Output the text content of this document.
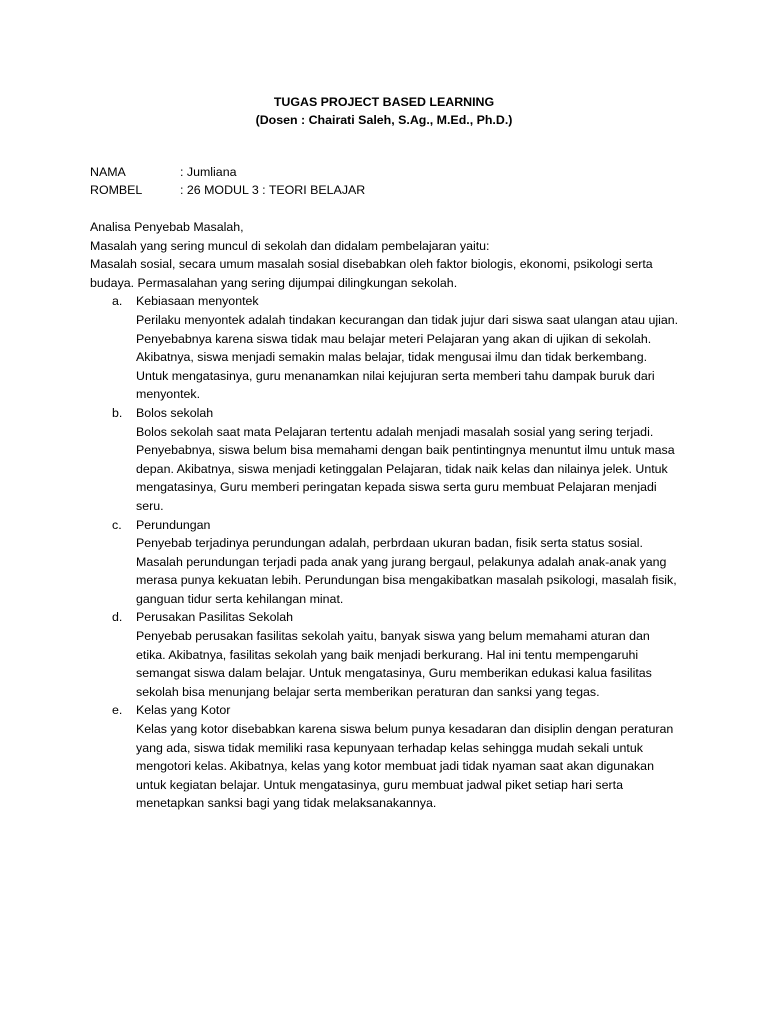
TUGAS PROJECT BASED LEARNING
(Dosen : Chairati Saleh, S.Ag., M.Ed., Ph.D.)
NAMA	: Jumliana
ROMBEL	: 26 MODUL 3 : TEORI BELAJAR

Analisa Penyebab Masalah,

Masalah yang sering muncul di sekolah dan didalam pembelajaran yaitu:

Masalah sosial, secara umum masalah sosial disebabkan oleh faktor biologis, ekonomi, psikologi serta budaya. Permasalahan yang sering dijumpai dilingkungan sekolah.

a. Kebiasaan menyontek
Perilaku menyontek adalah tindakan kecurangan dan tidak jujur dari siswa saat ulangan atau ujian. Penyebabnya karena siswa tidak mau belajar meteri Pelajaran yang akan di ujikan di sekolah. Akibatnya, siswa menjadi semakin malas belajar, tidak mengusai ilmu dan tidak berkembang. Untuk mengatasinya, guru menanamkan nilai kejujuran serta memberi tahu dampak buruk dari menyontek.
b. Bolos sekolah
Bolos sekolah saat mata Pelajaran tertentu adalah menjadi masalah sosial yang sering terjadi. Penyebabnya, siswa belum bisa memahami dengan baik pentintingnya menuntut ilmu untuk masa depan. Akibatnya, siswa menjadi ketinggalan Pelajaran, tidak naik kelas dan nilainya jelek. Untuk mengatasinya, Guru memberi peringatan kepada siswa serta guru membuat Pelajaran menjadi seru.
c. Perundungan
Penyebab terjadinya perundungan adalah, perbrdaan ukuran badan, fisik serta status sosial. Masalah perundungan terjadi pada anak yang jurang bergaul, pelakunya adalah anak-anak yang merasa punya kekuatan lebih. Perundungan bisa mengakibatkan masalah psikologi, masalah fisik, ganguan tidur serta kehilangan minat.
d. Perusakan Pasilitas Sekolah
Penyebab perusakan fasilitas sekolah yaitu, banyak siswa yang belum memahami aturan dan etika. Akibatnya, fasilitas sekolah yang baik menjadi berkurang. Hal ini tentu mempengaruhi semangat siswa dalam belajar. Untuk mengatasinya, Guru memberikan edukasi kalua fasilitas sekolah bisa menunjang belajar serta memberikan peraturan dan sanksi yang tegas.
e. Kelas yang Kotor
Kelas yang kotor disebabkan karena siswa belum punya kesadaran dan disiplin dengan peraturan yang ada, siswa tidak memiliki rasa kepunyaan terhadap kelas sehingga mudah sekali untuk mengotori kelas. Akibatnya, kelas yang kotor membuat jadi tidak nyaman saat akan digunakan untuk kegiatan belajar. Untuk mengatasinya, guru membuat jadwal piket setiap hari serta menetapkan sanksi bagi yang tidak melaksanakannya.
